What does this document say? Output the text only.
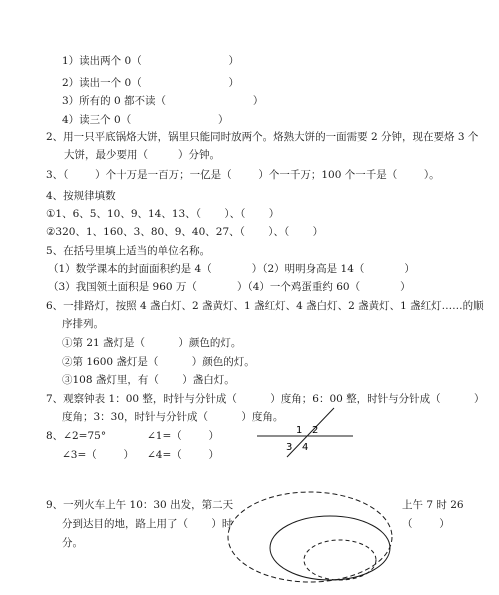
1）读出两个 0（                          ）
2）读出一个 0（                          ）
3）所有的 0 都不读（                          ）
4）读三个 0（                          ）
2、用一只平底锅烙大饼，锅里只能同时放两个。烙熟大饼的一面需要 2 分钟，现在要烙 3 个
大饼，最少要用（         ）分钟。
3、（        ）个十万是一百万；一亿是（        ）个一千万；100 个一千是（        ）。
4、按规律填数
①1、6、5、10、9、14、13、（       ）、（       ）
②320、1、160、3、80、9、40、27、（       ）、（       ）
5、在括号里填上适当的单位名称。
（1）数学课本的封面面积约是 4（            ）（2）明明身高是 14（            ）
（3）我国领土面积是 960 万（            ）（4）一个鸡蛋重约 60（            ）
6、一排路灯，按照 4 盏白灯、2 盏黄灯、1 盏红灯、4 盏白灯、2 盏黄灯、1 盏红灯……的顺
序排列。
①第 21 盏灯是（          ）颜色的灯。
②第 1600 盏灯是（          ）颜色的灯。
③108 盏灯里，有（       ）盏白灯。
7、观察钟表 1：00 整，时针与分针成（          ）度角；6：00 整，时针与分针成（          ）
度角；3：30，时针与分针成（          ）度角。
8、∠2=75°	∠1=（        ）
∠3=（        ） ∠4=（        ）
9、一列火车上午 10：30 出发，第二天
分到达目的地，路上用了（       ）时
分。
上午 7 时 26
（        ）
1 2
3 4
